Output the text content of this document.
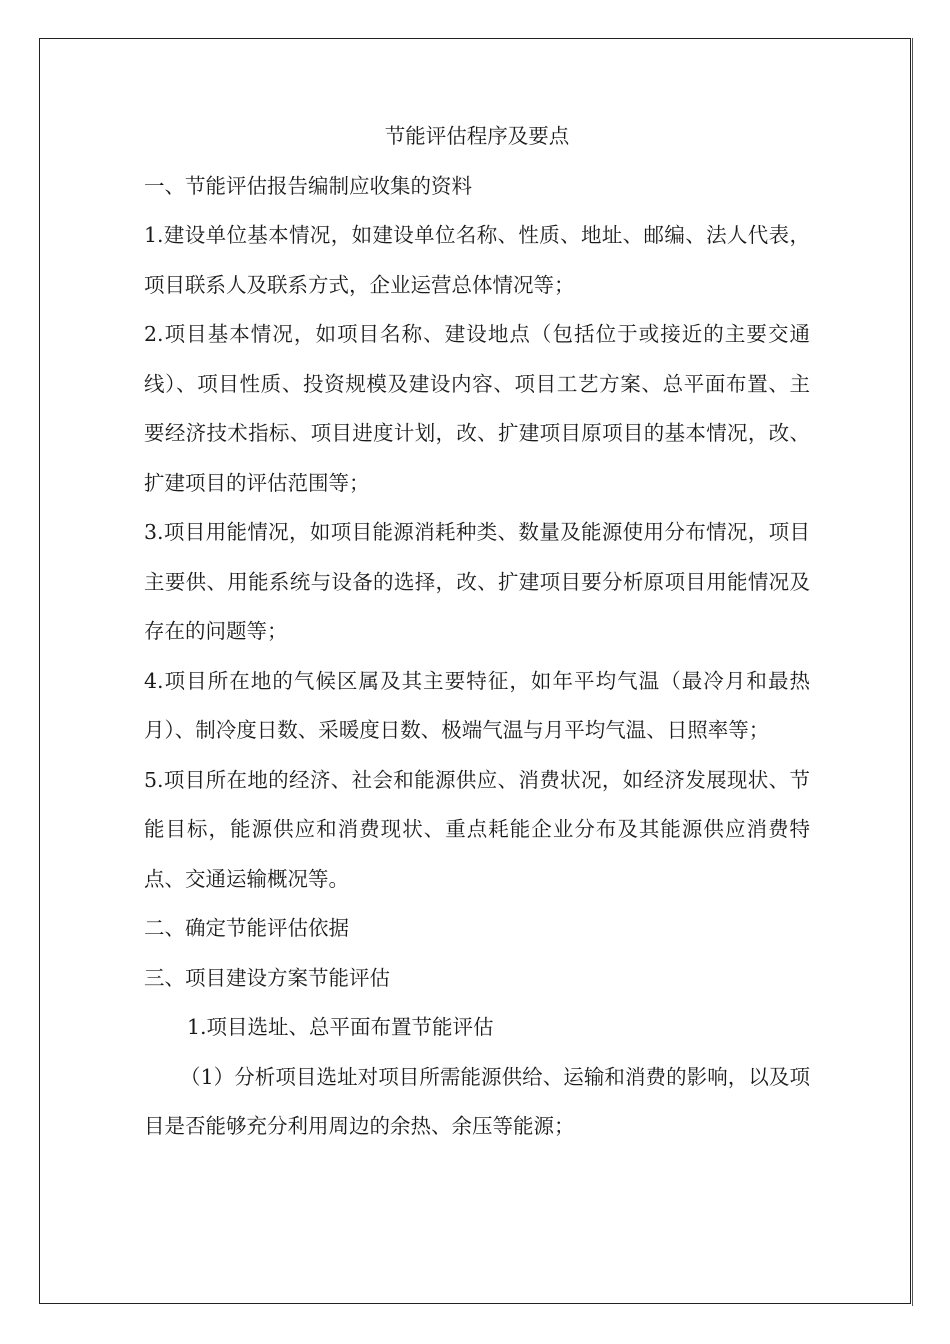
节能评估程序及要点

一、节能评估报告编制应收集的资料

1.建设单位基本情况，如建设单位名称、性质、地址、邮编、法人代表，项目联系人及联系方式，企业运营总体情况等；

2.项目基本情况，如项目名称、建设地点（包括位于或接近的主要交通线）、项目性质、投资规模及建设内容、项目工艺方案、总平面布置、主要经济技术指标、项目进度计划，改、扩建项目原项目的基本情况，改、扩建项目的评估范围等；

3.项目用能情况，如项目能源消耗种类、数量及能源使用分布情况，项目主要供、用能系统与设备的选择，改、扩建项目要分析原项目用能情况及存在的问题等；

4.项目所在地的气候区属及其主要特征，如年平均气温（最冷月和最热月）、制冷度日数、采暖度日数、极端气温与月平均气温、日照率等；

5.项目所在地的经济、社会和能源供应、消费状况，如经济发展现状、节能目标，能源供应和消费现状、重点耗能企业分布及其能源供应消费特点、交通运输概况等。

二、确定节能评估依据

三、项目建设方案节能评估

1.项目选址、总平面布置节能评估

（1）分析项目选址对项目所需能源供给、运输和消费的影响，以及项目是否能够充分利用周边的余热、余压等能源；
